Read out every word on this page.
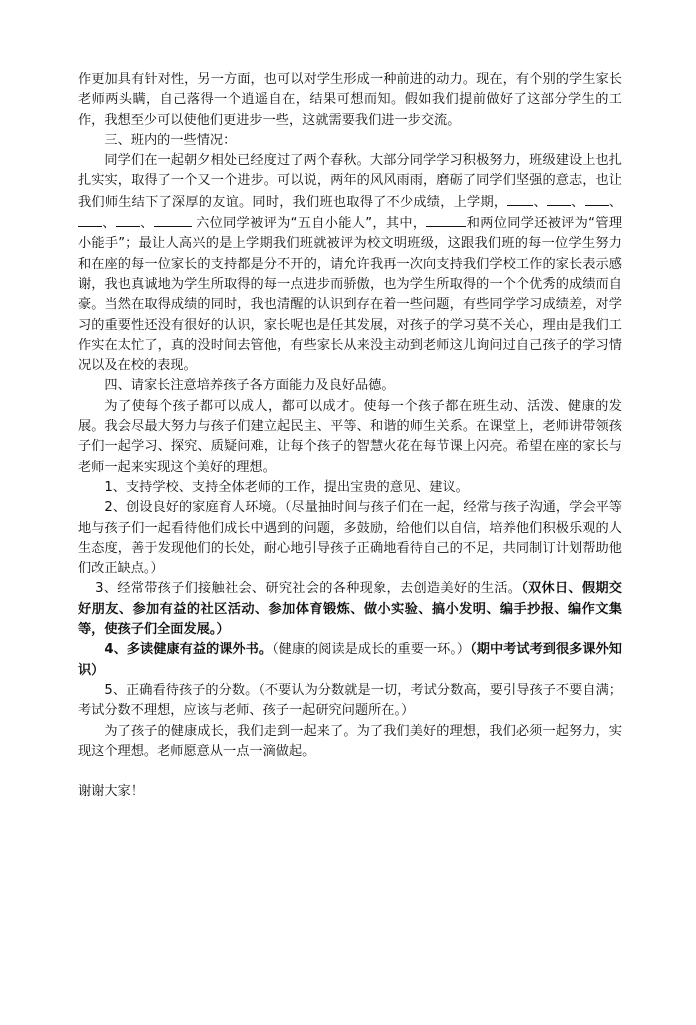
作更加具有针对性，另一方面，也可以对学生形成一种前进的动力。现在，有个别的学生家长老师两头瞒，自己落得一个逍遥自在，结果可想而知。假如我们提前做好了这部分学生的工作，我想至少可以使他们更进步一些，这就需要我们进一步交流。

三、班内的一些情况：

同学们在一起朝夕相处已经度过了两个春秋。大部分同学学习积极努力，班级建设上也扎扎实实，取得了一个又一个进步。可以说，两年的风风雨雨，磨砺了同学们坚强的意志，也让我们师生结下了深厚的友谊。同时，我们班也取得了不少成绩，上学期， 、 、 、、 、	六位同学被评为“五自小能人”，其中，	和两位同学还被评为“管理小能手”；最让人高兴的是上学期我们班就被评为校文明班级，这跟我们班的每一位学生努力和在座的每一位家长的支持都是分不开的，请允许我再一次向支持我们学校工作的家长表示感谢，我也真诚地为学生所取得的每一点进步而骄傲，也为学生所取得的一个个优秀的成绩而自豪。当然在取得成绩的同时，我也清醒的认识到存在着一些问题，有些同学学习成绩差，对学习的重要性还没有很好的认识，家长呢也是任其发展，对孩子的学习莫不关心，理由是我们工作实在太忙了，真的没时间去管他，有些家长从来没主动到老师这儿询问过自己孩子的学习情况以及在校的表现。

四、请家长注意培养孩子各方面能力及良好品德。

为了使每个孩子都可以成人，都可以成才。使每一个孩子都在班生动、活泼、健康的发展。我会尽最大努力与孩子们建立起民主、平等、和谐的师生关系。在课堂上，老师讲带领孩子们一起学习、探究、质疑问难，让每个孩子的智慧火花在每节课上闪亮。希望在座的家长与老师一起来实现这个美好的理想。

1、支持学校、支持全体老师的工作，提出宝贵的意见、建议。

2、创设良好的家庭育人环境。（尽量抽时间与孩子们在一起，经常与孩子沟通，学会平等地与孩子们一起看待他们成长中遇到的问题，多鼓励，给他们以自信，培养他们积极乐观的人生态度，善于发现他们的长处，耐心地引导孩子正确地看待自己的不足，共同制订计划帮助他们改正缺点。）

3、经常带孩子们接触社会、研究社会的各种现象，去创造美好的生活。（双休日、假期交好朋友、参加有益的社区活动、参加体育锻炼、做小实验、搞小发明、编手抄报、编作文集等，使孩子们全面发展。）

4、多读健康有益的课外书。（健康的阅读是成长的重要一环。）（期中考试考到很多课外知识）

5、正确看待孩子的分数。（不要认为分数就是一切，考试分数高，要引导孩子不要自满；考试分数不理想，应该与老师、孩子一起研究问题所在。）

为了孩子的健康成长，我们走到一起来了。为了我们美好的理想，我们必须一起努力，实现这个理想。老师愿意从一点一滴做起。

谢谢大家！
